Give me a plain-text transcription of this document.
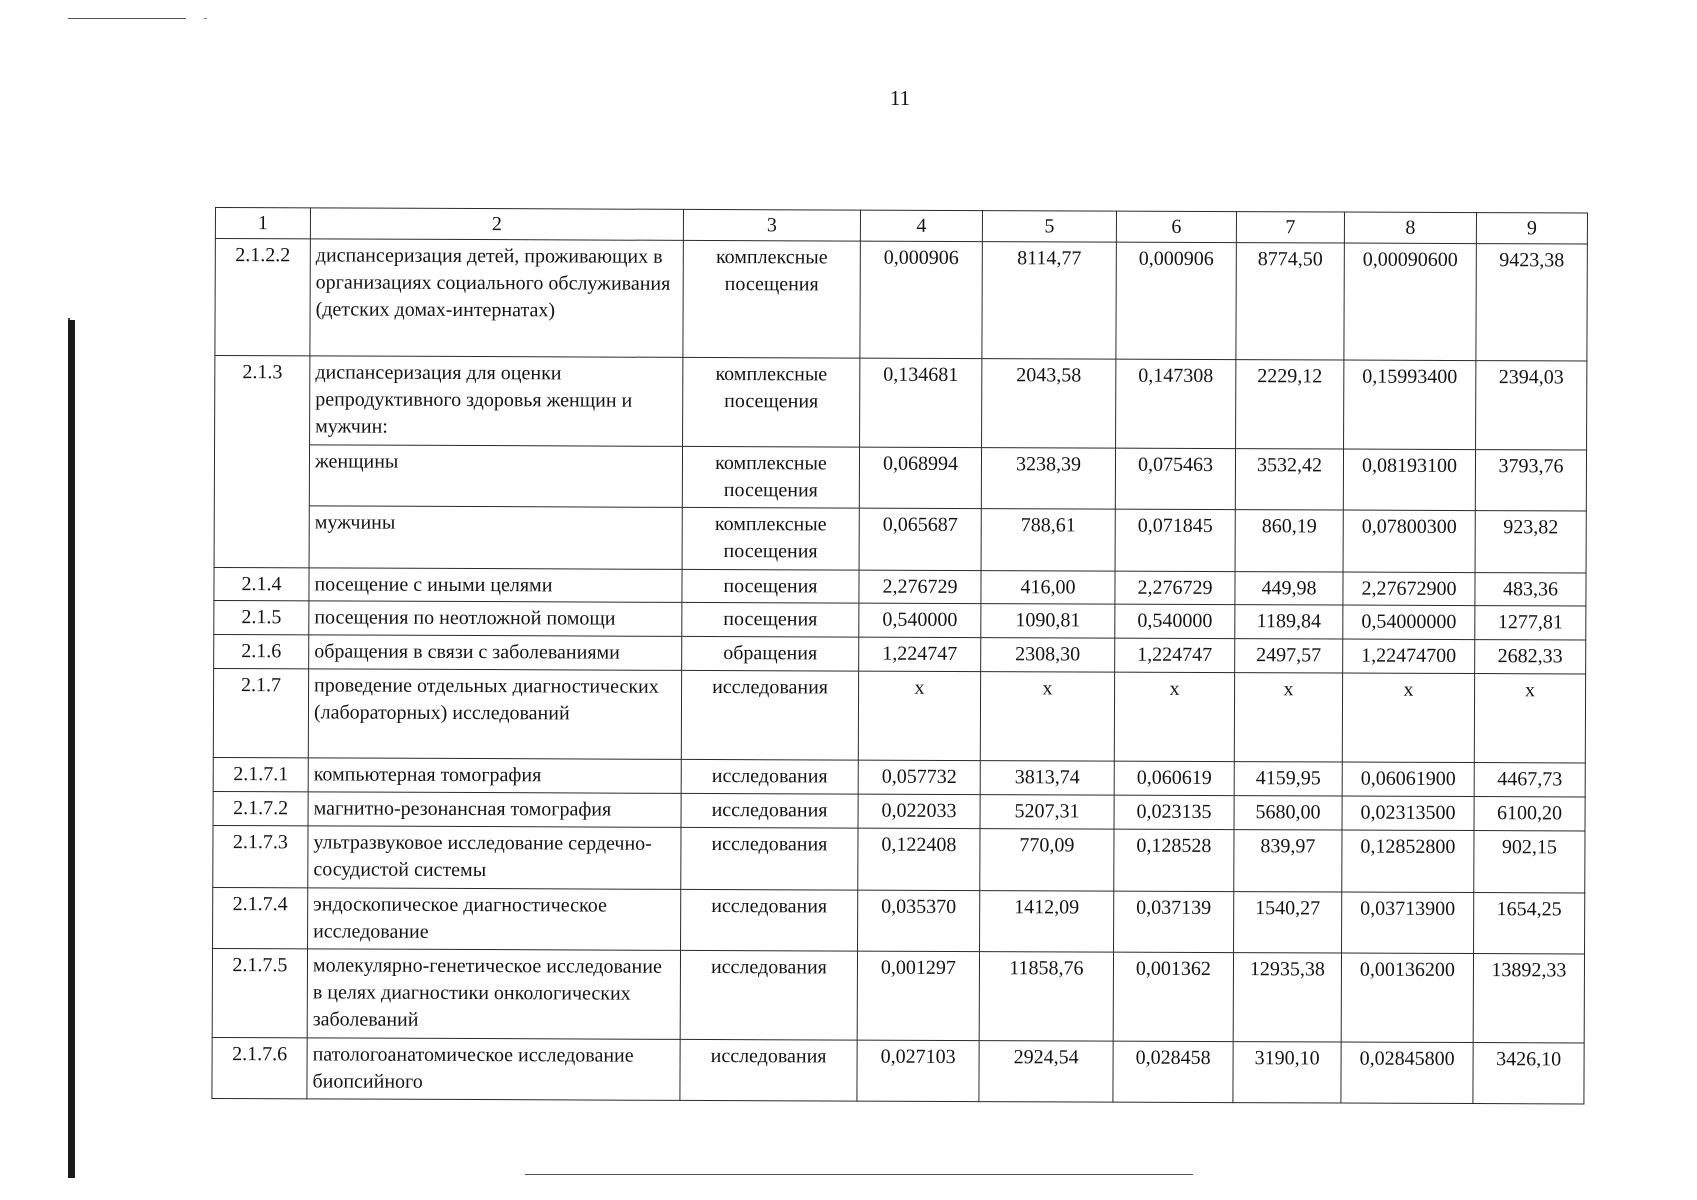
11
1	2	3	4	5	6	7	8	9
2.1.2.2	диспансеризация детей, проживающих в организациях социального обслуживания (детских домах-интернатах)	комплексные посещения	0,000906	8114,77	0,000906	8774,50	0,00090600	9423,38
2.1.3	диспансеризация для оценки репродуктивного здоровья женщин и мужчин:	комплексные посещения	0,134681	2043,58	0,147308	2229,12	0,15993400	2394,03
	женщины	комплексные посещения	0,068994	3238,39	0,075463	3532,42	0,08193100	3793,76
	мужчины	комплексные посещения	0,065687	788,61	0,071845	860,19	0,07800300	923,82
2.1.4	посещение с иными целями	посещения	2,276729	416,00	2,276729	449,98	2,27672900	483,36
2.1.5	посещения по неотложной помощи	посещения	0,540000	1090,81	0,540000	1189,84	0,54000000	1277,81
2.1.6	обращения в связи с заболеваниями	обращения	1,224747	2308,30	1,224747	2497,57	1,22474700	2682,33
2.1.7	проведение отдельных диагностических (лабораторных) исследований	исследования	x	x	x	x	x	x
2.1.7.1	компьютерная томография	исследования	0,057732	3813,74	0,060619	4159,95	0,06061900	4467,73
2.1.7.2	магнитно-резонансная томография	исследования	0,022033	5207,31	0,023135	5680,00	0,02313500	6100,20
2.1.7.3	ультразвуковое исследование сердечно-сосудистой системы	исследования	0,122408	770,09	0,128528	839,97	0,12852800	902,15
2.1.7.4	эндоскопическое диагностическое исследование	исследования	0,035370	1412,09	0,037139	1540,27	0,03713900	1654,25
2.1.7.5	молекулярно-генетическое исследование в целях диагностики онкологических заболеваний	исследования	0,001297	11858,76	0,001362	12935,38	0,00136200	13892,33
2.1.7.6	патологоанатомическое исследование биопсийного	исследования	0,027103	2924,54	0,028458	3190,10	0,02845800	3426,10
